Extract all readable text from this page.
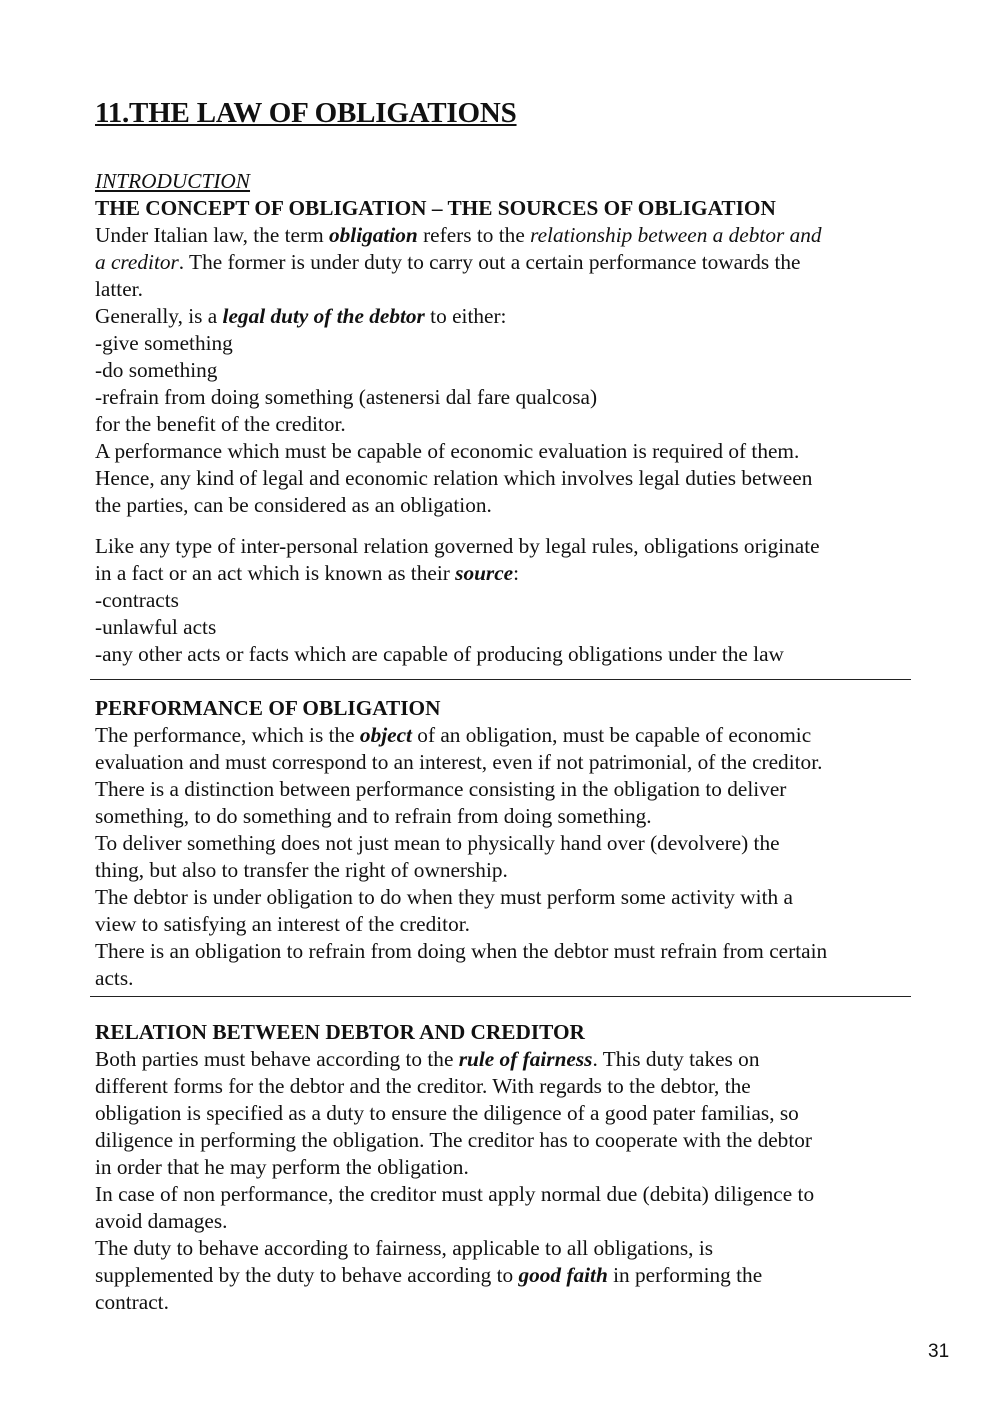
11.THE LAW OF OBLIGATIONS
INTRODUCTION
THE CONCEPT OF OBLIGATION – THE SOURCES OF OBLIGATION
Under Italian law, the term obligation refers to the relationship between a debtor and
a creditor. The former is under duty to carry out a certain performance towards the
latter.
Generally, is a legal duty of the debtor to either:
-give something
-do something
-refrain from doing something (astenersi dal fare qualcosa)
for the benefit of the creditor.
A performance which must be capable of economic evaluation is required of them.
Hence, any kind of legal and economic relation which involves legal duties between
the parties, can be considered as an obligation.
Like any type of inter-personal relation governed by legal rules, obligations originate
in a fact or an act which is known as their source:
-contracts
-unlawful acts
-any other acts or facts which are capable of producing obligations under the law
PERFORMANCE OF OBLIGATION
The performance, which is the object of an obligation, must be capable of economic
evaluation and must correspond to an interest, even if not patrimonial, of the creditor.
There is a distinction between performance consisting in the obligation to deliver
something, to do something and to refrain from doing something.
To deliver something does not just mean to physically hand over (devolvere) the
thing, but also to transfer the right of ownership.
The debtor is under obligation to do when they must perform some activity with a
view to satisfying an interest of the creditor.
There is an obligation to refrain from doing when the debtor must refrain from certain
acts.
RELATION BETWEEN DEBTOR AND CREDITOR
Both parties must behave according to the rule of fairness. This duty takes on
different forms for the debtor and the creditor. With regards to the debtor, the
obligation is specified as a duty to ensure the diligence of a good pater familias, so
diligence in performing the obligation. The creditor has to cooperate with the debtor
in order that he may perform the obligation.
In case of non performance, the creditor must apply normal due (debita) diligence to
avoid damages.
The duty to behave according to fairness, applicable to all obligations, is
supplemented by the duty to behave according to good faith in performing the
contract.
31
